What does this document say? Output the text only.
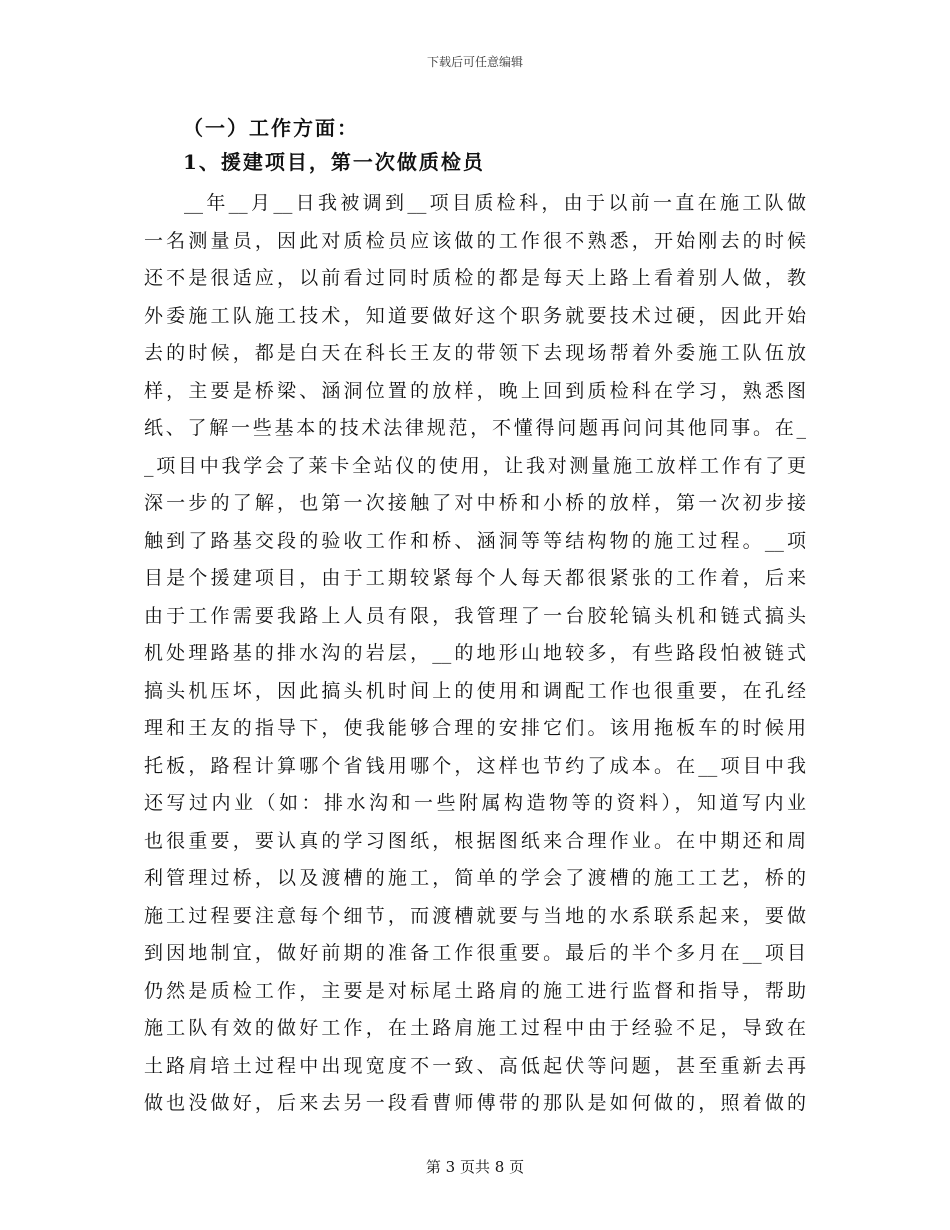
下载后可任意编辑
（一）工作方面：
1、援建项目，第一次做质检员
__年__月__日我被调到__项目质检科，由于以前一直在施工队做
一名测量员，因此对质检员应该做的工作很不熟悉，开始刚去的时候
还不是很适应，以前看过同时质检的都是每天上路上看着别人做，教
外委施工队施工技术，知道要做好这个职务就要技术过硬，因此开始
去的时候，都是白天在科长王友的带领下去现场帮着外委施工队伍放
样，主要是桥梁、涵洞位置的放样，晚上回到质检科在学习，熟悉图
纸、了解一些基本的技术法律规范，不懂得问题再问问其他同事。在_
_项目中我学会了莱卡全站仪的使用，让我对测量施工放样工作有了更
深一步的了解，也第一次接触了对中桥和小桥的放样，第一次初步接
触到了路基交段的验收工作和桥、涵洞等等结构物的施工过程。__项
目是个援建项目，由于工期较紧每个人每天都很紧张的工作着，后来
由于工作需要我路上人员有限，我管理了一台胶轮镐头机和链式搞头
机处理路基的排水沟的岩层，__的地形山地较多，有些路段怕被链式
搞头机压坏，因此搞头机时间上的使用和调配工作也很重要，在孔经
理和王友的指导下，使我能够合理的安排它们。该用拖板车的时候用
托板，路程计算哪个省钱用哪个，这样也节约了成本。在__项目中我
还写过内业（如：排水沟和一些附属构造物等的资料），知道写内业
也很重要，要认真的学习图纸，根据图纸来合理作业。在中期还和周
利管理过桥，以及渡槽的施工，简单的学会了渡槽的施工工艺，桥的
施工过程要注意每个细节，而渡槽就要与当地的水系联系起来，要做
到因地制宜，做好前期的准备工作很重要。最后的半个多月在__项目
仍然是质检工作，主要是对标尾土路肩的施工进行监督和指导，帮助
施工队有效的做好工作，在土路肩施工过程中由于经验不足，导致在
土路肩培土过程中出现宽度不一致、高低起伏等问题，甚至重新去再
做也没做好，后来去另一段看曹师傅带的那队是如何做的，照着做的
第 3 页共 8 页
